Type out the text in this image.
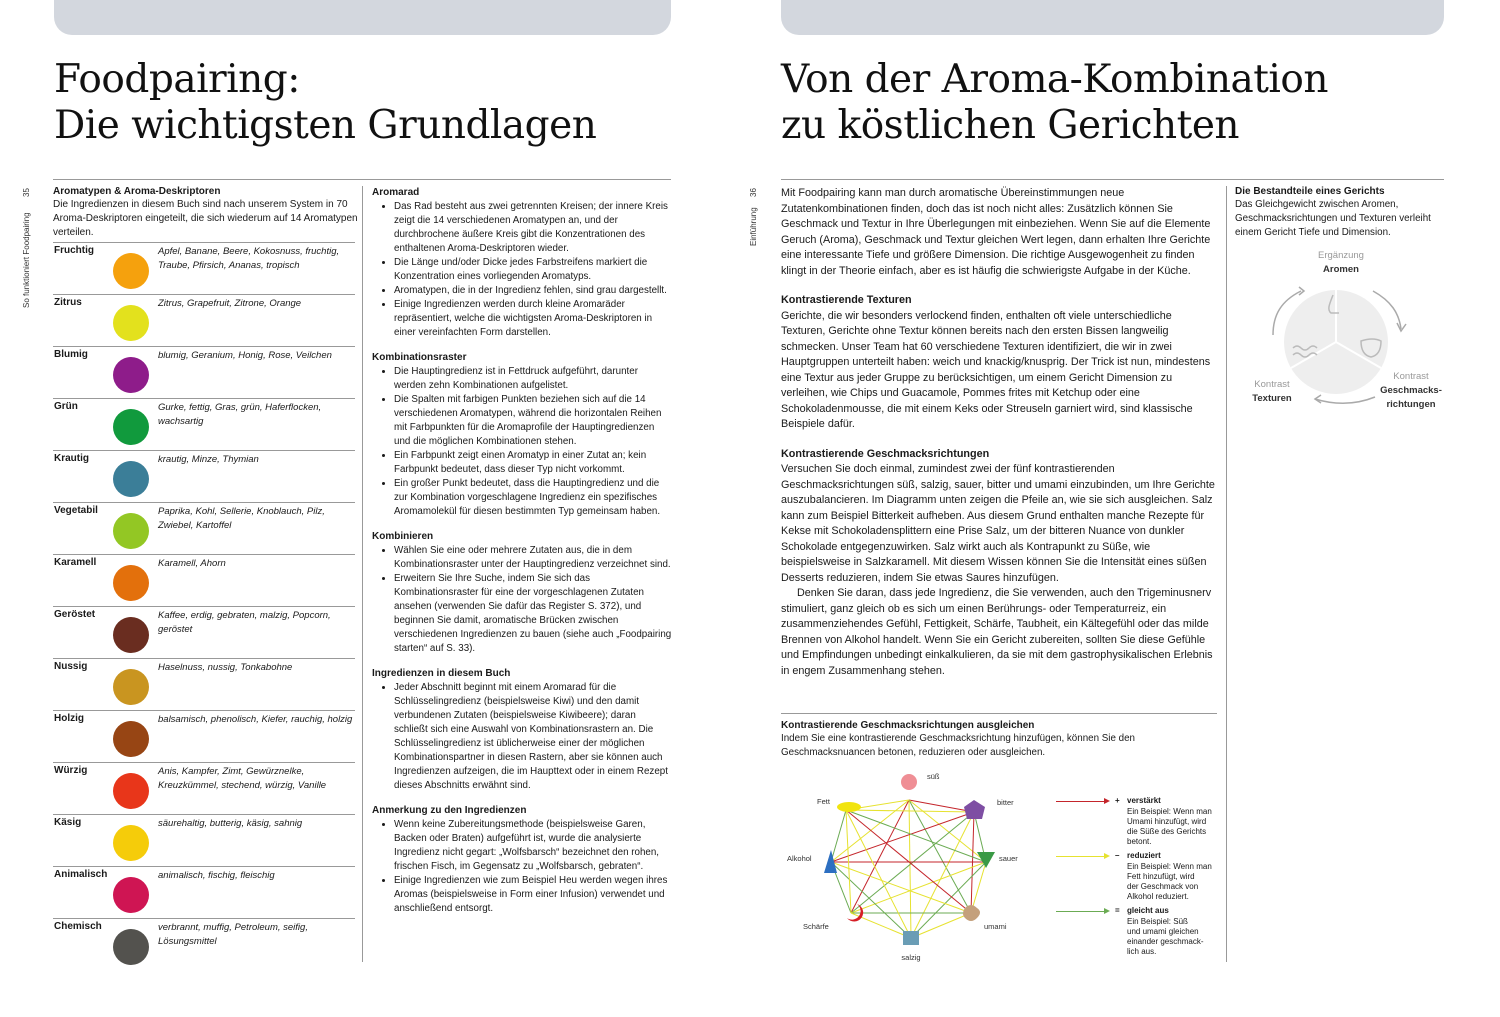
Foodpairing:
Die wichtigsten Grundlagen
35
So funktioniert Foodpairing
Aromatypen & Aroma-Deskriptoren
Die Ingredienzen in diesem Buch sind nach unserem System in 70 Aroma-Deskriptoren eingeteilt, die sich wiederum auf 14 Aromatypen verteilen.
Fruchtig	Apfel, Banane, Beere, Kokosnuss, fruchtig, Traube, Pfirsich, Ananas, tropisch
Zitrus	Zitrus, Grapefruit, Zitrone, Orange
Blumig	blumig, Geranium, Honig, Rose, Veilchen
Grün	Gurke, fettig, Gras, grün, Haferflocken, wachsartig
Krautig	krautig, Minze, Thymian
Vegetabil	Paprika, Kohl, Sellerie, Knoblauch, Pilz, Zwiebel, Kartoffel
Karamell	Karamell, Ahorn
Geröstet	Kaffee, erdig, gebraten, malzig, Popcorn, geröstet
Nussig	Haselnuss, nussig, Tonkabohne
Holzig	balsamisch, phenolisch, Kiefer, rauchig, holzig
Würzig	Anis, Kampfer, Zimt, Gewürznelke, Kreuzkümmel, stechend, würzig, Vanille
Käsig	säurehaltig, butterig, käsig, sahnig
Animalisch	animalisch, fischig, fleischig
Chemisch	verbrannt, muffig, Petroleum, seifig, Lösungsmittel
Aromarad
• Das Rad besteht aus zwei getrennten Kreisen; der innere Kreis zeigt die 14 verschiedenen Aromatypen an, und der durchbrochene äußere Kreis gibt die Konzentrationen des enthaltenen Aroma-Deskriptoren wieder.
• Die Länge und/oder Dicke jedes Farbstreifens markiert die Konzentration eines vorliegenden Aromatyps.
• Aromatypen, die in der Ingredienz fehlen, sind grau dargestellt.
• Einige Ingredienzen werden durch kleine Aromaräder repräsentiert, welche die wichtigsten Aroma-Deskriptoren in einer vereinfachten Form darstellen.
Kombinationsraster
• Die Hauptingredienz ist in Fettdruck aufgeführt, darunter werden zehn Kombinationen aufgelistet.
• Die Spalten mit farbigen Punkten beziehen sich auf die 14 verschiedenen Aromatypen, während die horizontalen Reihen mit Farbpunkten für die Aromaprofile der Hauptingredienzen und die möglichen Kombinationen stehen.
• Ein Farbpunkt zeigt einen Aromatyp in einer Zutat an; kein Farbpunkt bedeutet, dass dieser Typ nicht vorkommt.
• Ein großer Punkt bedeutet, dass die Hauptingredienz und die zur Kombination vorgeschlagene Ingredienz ein spezifisches Aromamolekül für diesen bestimmten Typ gemeinsam haben.
Kombinieren
• Wählen Sie eine oder mehrere Zutaten aus, die in dem Kombinationsraster unter der Hauptingredienz verzeichnet sind.
• Erweitern Sie Ihre Suche, indem Sie sich das Kombinationsraster für eine der vorgeschlagenen Zutaten ansehen (verwenden Sie dafür das Register S. 372), und beginnen Sie damit, aromatische Brücken zwischen verschiedenen Ingredienzen zu bauen (siehe auch „Foodpairing starten“ auf S. 33).
Ingredienzen in diesem Buch
• Jeder Abschnitt beginnt mit einem Aromarad für die Schlüsselingredienz (beispielsweise Kiwi) und den damit verbundenen Zutaten (beispielsweise Kiwibeere); daran schließt sich eine Auswahl von Kombinationsrastern an. Die Schlüsselingredienz ist üblicherweise einer der möglichen Kombinationspartner in diesen Rastern, aber sie können auch Ingredienzen aufzeigen, die im Haupttext oder in einem Rezept dieses Abschnitts erwähnt sind.
Anmerkung zu den Ingredienzen
• Wenn keine Zubereitungsmethode (beispielsweise Garen, Backen oder Braten) aufgeführt ist, wurde die analysierte Ingredienz nicht gegart: „Wolfsbarsch“ bezeichnet den rohen, frischen Fisch, im Gegensatz zu „Wolfsbarsch, gebraten“.
• Einige Ingredienzen wie zum Beispiel Heu werden wegen ihres Aromas (beispielsweise in Form einer Infusion) verwendet und anschließend entsorgt.
Von der Aroma-Kombination
zu köstlichen Gerichten
36
Einführung

Mit Foodpairing kann man durch aromatische Übereinstimmungen neue Zutatenkombinationen finden, doch das ist noch nicht alles: Zusätzlich können Sie Geschmack und Textur in Ihre Überlegungen mit einbeziehen. Wenn Sie auf die Elemente Geruch (Aroma), Geschmack und Textur gleichen Wert legen, dann erhalten Ihre Gerichte eine interessante Tiefe und größere Dimension. Die richtige Ausgewogenheit zu finden klingt in der Theorie einfach, aber es ist häufig die schwierigste Aufgabe in der Küche.

Kontrastierende Texturen

Gerichte, die wir besonders verlockend finden, enthalten oft viele unterschiedliche Texturen, Gerichte ohne Textur können bereits nach den ersten Bissen langweilig schmecken. Unser Team hat 60 verschiedene Texturen identifiziert, die wir in zwei Hauptgruppen unterteilt haben: weich und knackig/knusprig. Der Trick ist nun, mindestens eine Textur aus jeder Gruppe zu berücksichtigen, um einem Gericht Dimension zu verleihen, wie Chips und Guacamole, Pommes frites mit Ketchup oder eine Schokoladenmousse, die mit einem Keks oder Streuseln garniert wird, sind klassische Beispiele dafür.

Kontrastierende Geschmacksrichtungen

Versuchen Sie doch einmal, zumindest zwei der fünf kontrastierenden Geschmacksrichtungen süß, salzig, sauer, bitter und umami einzubinden, um Ihre Gerichte auszubalancieren. Im Diagramm unten zeigen die Pfeile an, wie sie sich ausgleichen. Salz kann zum Beispiel Bitterkeit aufheben. Aus diesem Grund enthalten manche Rezepte für Kekse mit Schokoladensplittern eine Prise Salz, um der bitteren Nuance von dunkler Schokolade entgegenzuwirken. Salz wirkt auch als Kontrapunkt zu Süße, wie beispielsweise in Salzkaramell. Mit diesem Wissen können Sie die Intensität eines süßen Desserts reduzieren, indem Sie etwas Saures hinzufügen.

Denken Sie daran, dass jede Ingredienz, die Sie verwenden, auch den Trigeminusnerv stimuliert, ganz gleich ob es sich um einen Berührungs- oder Temperaturreiz, ein zusammenziehendes Gefühl, Fettigkeit, Schärfe, Taubheit, ein Kältegefühl oder das milde Brennen von Alkohol handelt. Wenn Sie ein Gericht zubereiten, sollten Sie diese Gefühle und Empfindungen unbedingt einkalkulieren, da sie mit dem gastrophysikalischen Erlebnis in engem Zusammenhang stehen.

Die Bestandteile eines Gerichts
Das Gleichgewicht zwischen Aromen, Geschmacksrichtungen und Texturen verleiht einem Gericht Tiefe und Dimension.
Ergänzung
Aromen
Kontrast
Texturen
Kontrast
Geschmacks-
richtungen
Kontrastierende Geschmacksrichtungen ausgleichen
Indem Sie eine kontrastierende Geschmacksrichtung hinzufügen, können Sie den Geschmacksnuancen betonen, reduzieren oder ausgleichen.
süß
bitter
sauer
umami
salzig
Schärfe
Alkohol
Fett	+ verstärkt
Ein Beispiel: Wenn man
Umami hinzufügt, wird
die Süße des Gerichts
betont.
– reduziert
Ein Beispiel: Wenn man
Fett hinzufügt, wird
der Geschmack von
Alkohol reduziert.
= gleicht aus
Ein Beispiel: Süß
und umami gleichen
einander geschmack-
lich aus.
